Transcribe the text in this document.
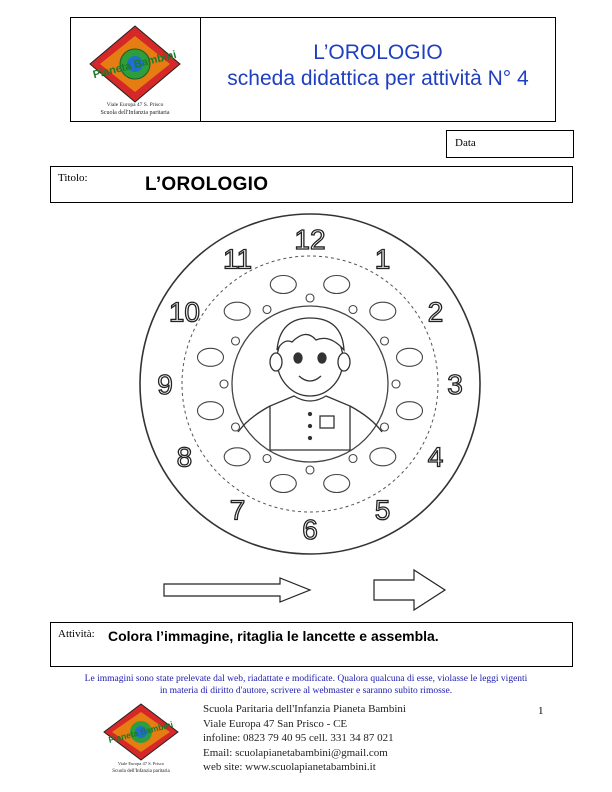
Pianeta Bambini
Viale Europa 47 S. Prisco
Scuola dell'Infanzia paritaria
L’OROLOGIO
scheda didattica per attività N° 4
Data
Titolo:	L’OROLOGIO
12
1
2
3
4
5
6
7
8
9
10
11
Attività: Colora l’immagine, ritaglia le lancette e assembla.
Le immagini sono state prelevate dal web, riadattate e modificate. Qualora qualcuna di esse, violasse le leggi vigenti
in materia di diritto d'autore, scrivere al webmaster e saranno subito rimosse.
Pianeta Bambini
Viale Europa 47 S. Prisco
Scuola dell'Infanzia paritaria
Scuola Paritaria dell'Infanzia Pianeta Bambini
Viale Europa 47 San Prisco - CE
infoline: 0823 79 40 95 cell. 331 34 87 021
Email: scuolapianetabambini@gmail.com
web site: www.scuolapianetabambini.it
1
